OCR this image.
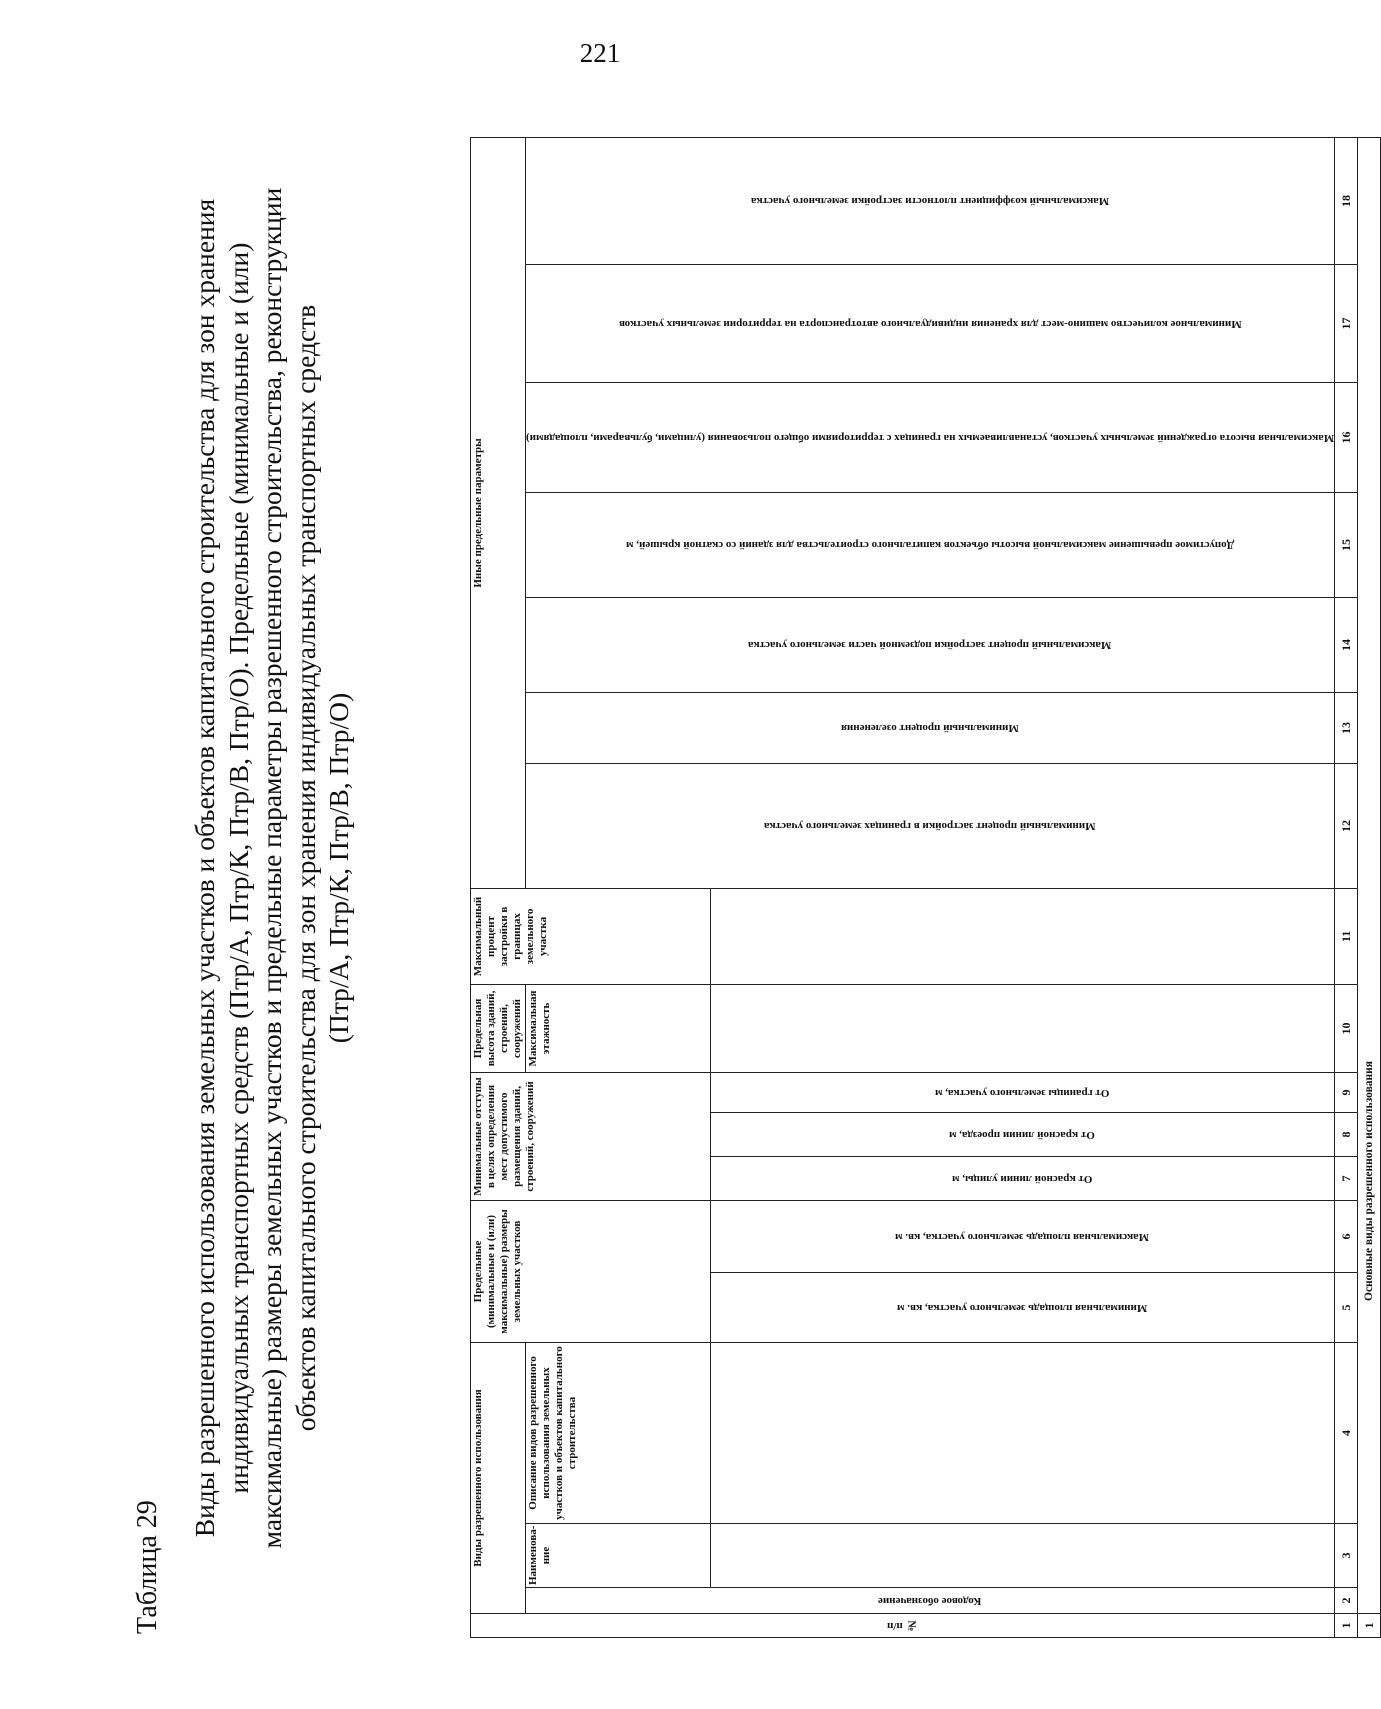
221
Таблица 29
Виды разрешенного использования земельных участков и объектов капитального строительства для зон хранения индивидуальных транспортных средств (Птр/А, Птр/К, Птр/В, Птр/О). Предельные (минимальные и (или) максимальные) размеры земельных участков и предельные параметры разрешенного строительства, реконструкции объектов капитального строительства для зон хранения индивидуальных транспортных средств (Птр/А, Птр/К, Птр/В, Птр/О)
№ п/п	Виды разрешенного использования			Предельные (минимальные и (или) максимальные) размеры земельных участков		Минимальные отступы в целях определения мест допустимого размещения зданий, строений, сооружений			Предельная высота зданий, строений, сооружений	Максимальный процент застройки в границах земельного участка	Иные предельные параметры						

	Кодовое обозначение	Наименова-ние	Описание видов разрешенного использования земельных участков и объектов капитального строительства						Максимальная этажность		Минимальный процент застройки в границах земельного участка	Минимальный процент озеленения	Максимальный процент застройки подземной части земельного участка	Допустимое превышение максимальной высоты объектов капитального строительства для зданий со скатной крышей, м	Максимальная высота ограждений земельных участков, устанавливаемых на границах с территориями общего пользования (улицами, бульварами, площадями)	Минимальное количество машино-мест для хранения индивидуального автотранспорта на территории земельных участков	Максимальный коэффициент плотности застройки земельного участка

				Минимальная площадь земельного участка, кв. м	Максимальная площадь земельного участка, кв. м	От красной линии улицы, м	От красной линии проезда, м	От границы земельного участка, м									

1	2	3	4	5	6	7	8	9	10	11	12	13	14	15	16	17	18
1	Основные виды разрешенного использования																
